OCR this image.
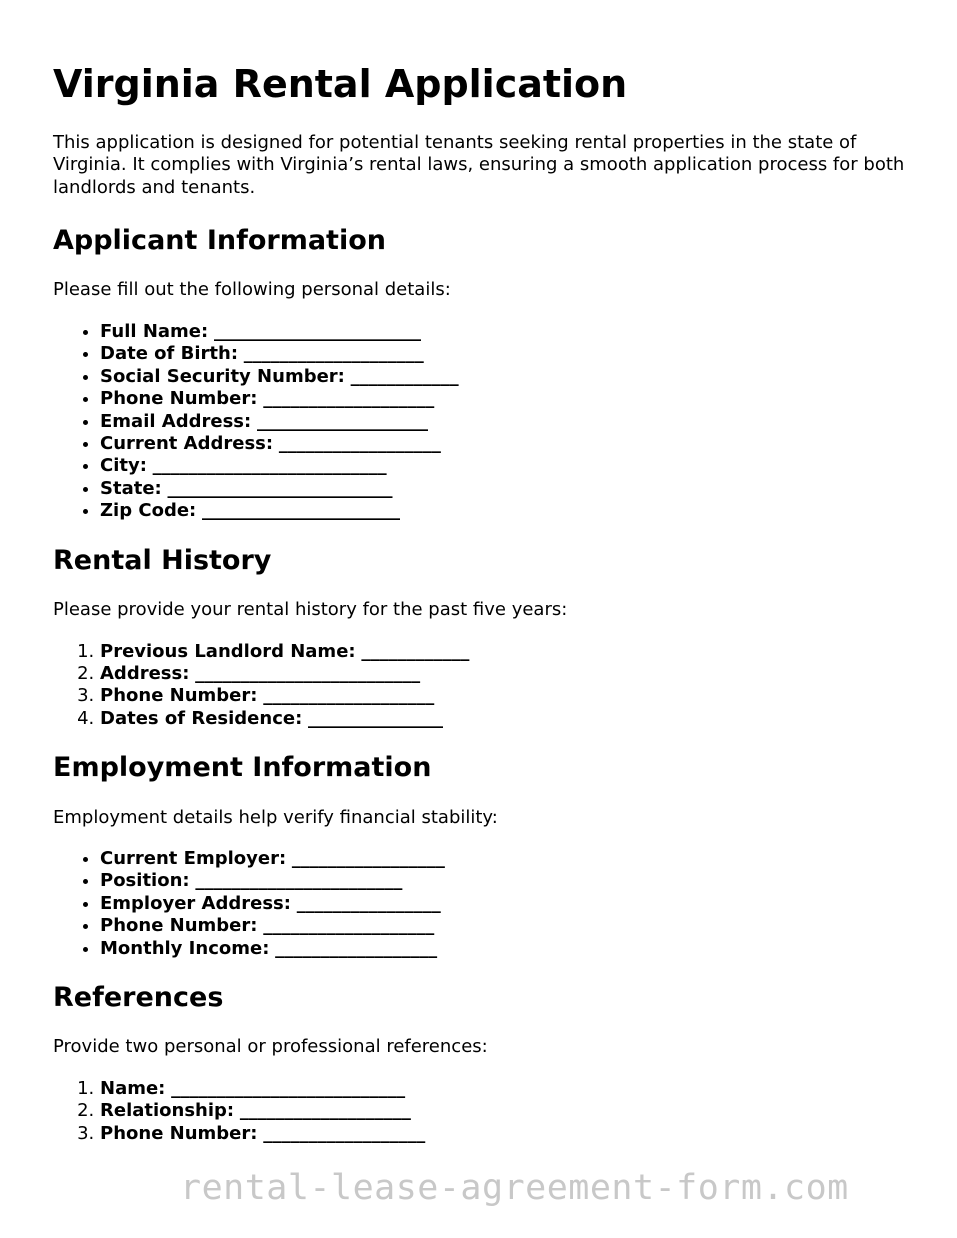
Virginia Rental Application

This application is designed for potential tenants seeking rental properties in the state of Virginia. It complies with Virginia’s rental laws, ensuring a smooth application process for both landlords and tenants.

Applicant Information

Please fill out the following personal details:

• Full Name: _______________________
• Date of Birth: ____________________
• Social Security Number: ____________
• Phone Number: ___________________
• Email Address: ___________________
• Current Address: __________________
• City: __________________________
• State: _________________________
• Zip Code: ______________________
Rental History

Please provide your rental history for the past five years:

1. Previous Landlord Name: ____________
2. Address: _________________________
3. Phone Number: ___________________
4. Dates of Residence: _______________
Employment Information

Employment details help verify financial stability:

• Current Employer: _________________
• Position: _______________________
• Employer Address: ________________
• Phone Number: ___________________
• Monthly Income: __________________
References

Provide two personal or professional references:

1. Name: __________________________
2. Relationship: ___________________
3. Phone Number: __________________
rental-lease-agreement-form.com
